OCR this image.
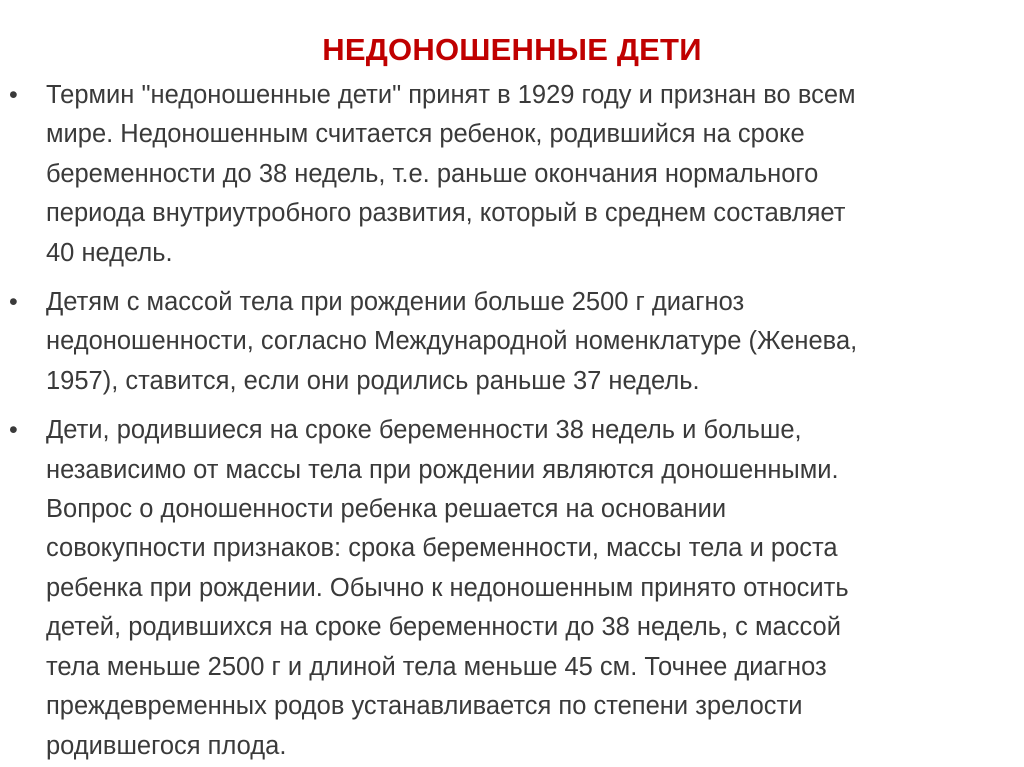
НЕДОНОШЕННЫЕ ДЕТИ
• Термин "недоношенные дети" принят в 1929 году и признан во всем
мире. Недоношенным считается ребенок, родившийся на сроке
беременности до 38 недель, т.е. раньше окончания нормального
периода внутриутробного развития, который в среднем составляет
40 недель.
• Детям с массой тела при рождении больше 2500 г диагноз
недоношенности, согласно Международной номенклатуре (Женева,
1957), ставится, если они родились раньше 37 недель.
• Дети, родившиеся на сроке беременности 38 недель и больше,
независимо от массы тела при рождении являются доношенными.
Вопрос о доношенности ребенка решается на основании
совокупности признаков: срока беременности, массы тела и роста
ребенка при рождении. Обычно к недоношенным принято относить
детей, родившихся на сроке беременности до 38 недель, с массой
тела меньше 2500 г и длиной тела меньше 45 см. Точнее диагноз
преждевременных родов устанавливается по степени зрелости
родившегося плода.
